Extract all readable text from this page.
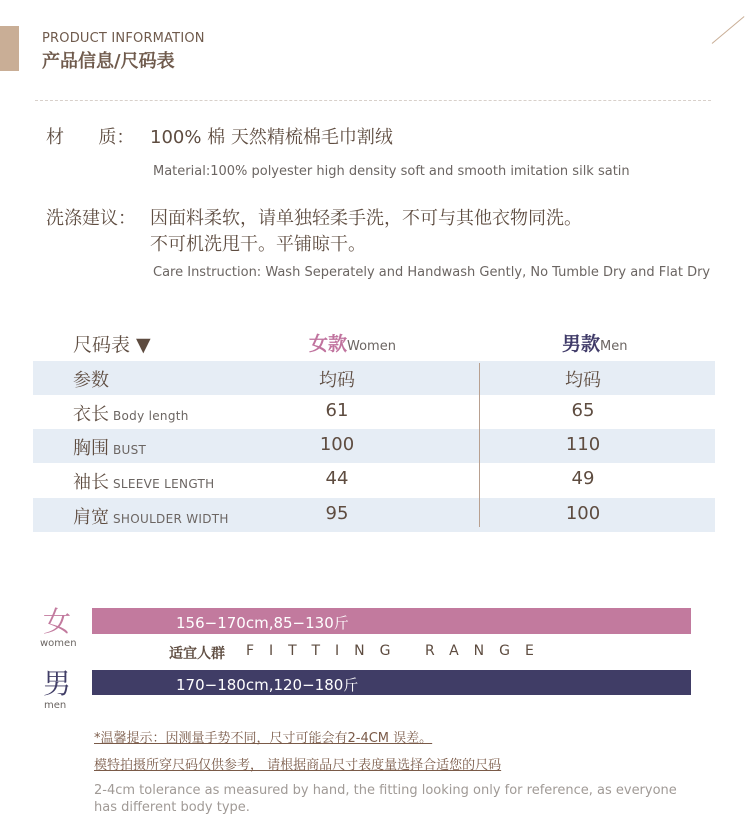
PRODUCT INFORMATION
产品信息/尺码表
材      质： 100% 棉 天然精梳棉毛巾割绒
Material:100% polyester high density soft and smooth imitation silk satin
洗涤建议： 因面料柔软，请单独轻柔手洗，不可与其他衣物同洗。
不可机洗甩干。平铺晾干。
Care Instruction: Wash Seperately and Handwash Gently, No Tumble Dry and Flat Dry
尺码表 ▼	女款Women	男款Men
参数	均码	均码
衣长 Body length	61	65
胸围 BUST	100	110
袖长 SLEEVE LENGTH	44	49
肩宽 SHOULDER WIDTH	95	100
女
women
156−170cm,85−130斤
适宜人群 FITTING RANGE
男
men
170−180cm,120−180斤
*温馨提示：因测量手势不同，尺寸可能会有2-4CM 误差。
模特拍摄所穿尺码仅供参考， 请根据商品尺寸表度量选择合适您的尺码
2-4cm tolerance as measured by hand, the fitting looking only for reference, as everyone
has different body type.
